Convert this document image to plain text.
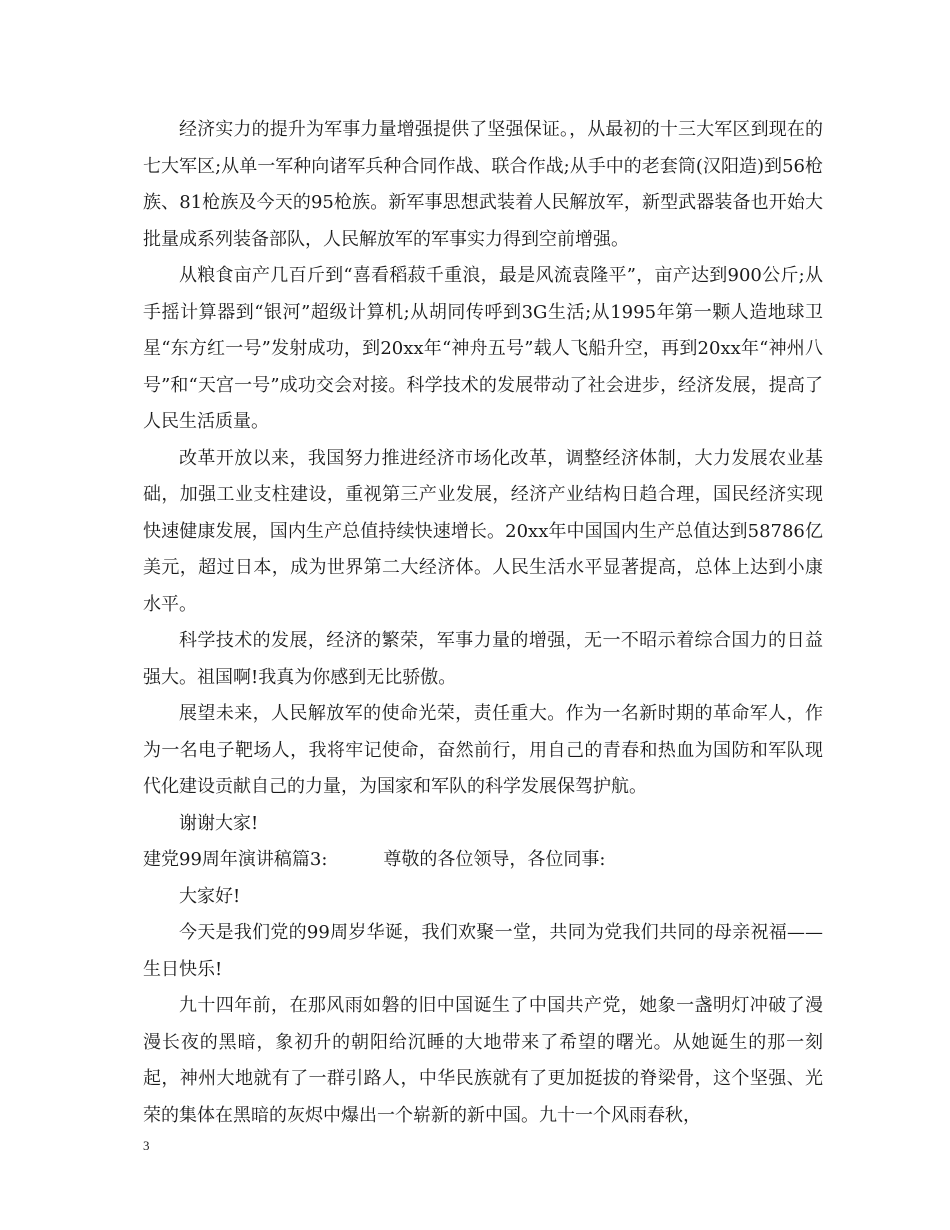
经济实力的提升为军事力量增强提供了坚强保证。，从最初的十三大军区到现在的七大军区;从单一军种向诸军兵种合同作战、联合作战;从手中的老套筒(汉阳造)到56枪族、81枪族及今天的95枪族。新军事思想武装着人民解放军，新型武器装备也开始大批量成系列装备部队，人民解放军的军事实力得到空前增强。

从粮食亩产几百斤到“喜看稻菽千重浪，最是风流袁隆平”，亩产达到900公斤;从手摇计算器到“银河”超级计算机;从胡同传呼到3G生活;从1995年第一颗人造地球卫星“东方红一号”发射成功，到20xx年“神舟五号”载人飞船升空，再到20xx年“神州八号”和“天宫一号”成功交会对接。科学技术的发展带动了社会进步，经济发展，提高了人民生活质量。

改革开放以来，我国努力推进经济市场化改革，调整经济体制，大力发展农业基础，加强工业支柱建设，重视第三产业发展，经济产业结构日趋合理，国民经济实现快速健康发展，国内生产总值持续快速增长。20xx年中国国内生产总值达到58786亿美元，超过日本，成为世界第二大经济体。人民生活水平显著提高，总体上达到小康水平。

科学技术的发展，经济的繁荣，军事力量的增强，无一不昭示着综合国力的日益强大。祖国啊!我真为你感到无比骄傲。

展望未来，人民解放军的使命光荣，责任重大。作为一名新时期的革命军人，作为一名电子靶场人，我将牢记使命，奋然前行，用自己的青春和热血为国防和军队现代化建设贡献自己的力量，为国家和军队的科学发展保驾护航。

谢谢大家!

建党99周年演讲稿篇3:	尊敬的各位领导，各位同事:

大家好!

今天是我们党的99周岁华诞，我们欢聚一堂，共同为党我们共同的母亲祝福——生日快乐!

九十四年前，在那风雨如磐的旧中国诞生了中国共产党，她象一盏明灯冲破了漫漫长夜的黑暗，象初升的朝阳给沉睡的大地带来了希望的曙光。从她诞生的那一刻起，神州大地就有了一群引路人，中华民族就有了更加挺拔的脊梁骨，这个坚强、光荣的集体在黑暗的灰烬中爆出一个崭新的新中国。九十一个风雨春秋，

3
